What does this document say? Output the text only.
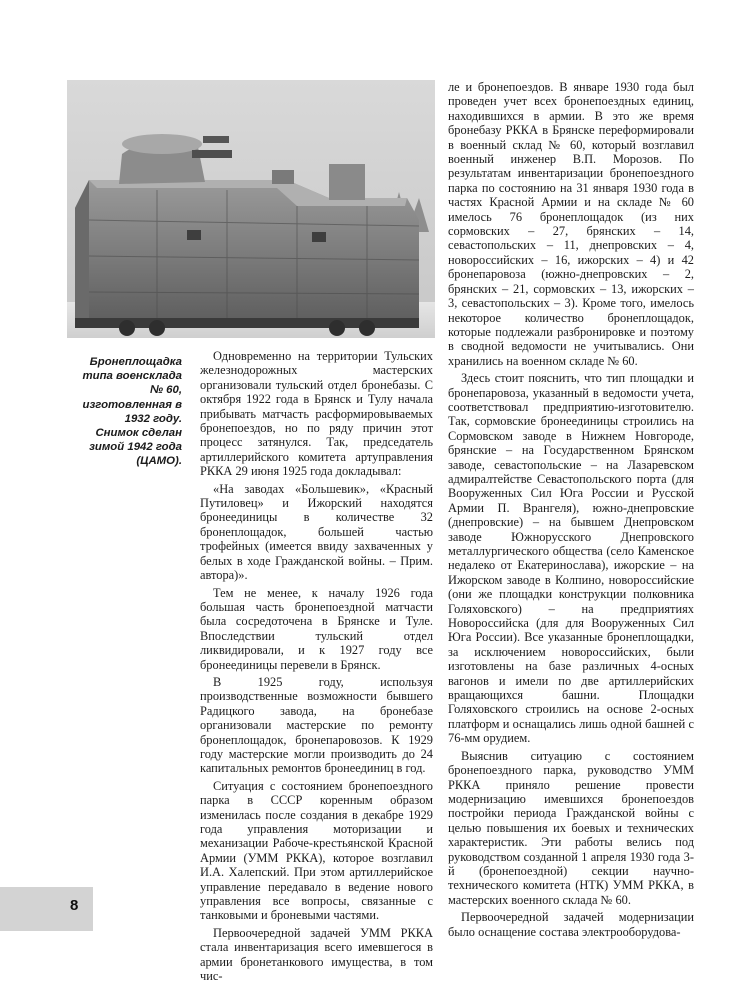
Бронеплощадка типа военсклада № 60, изготовленная в 1932 году. Снимок сделан зимой 1942 года (ЦАМО).

Одновременно на территории Тульских железнодорожных мастерских организовали тульский отдел бронебазы. С октября 1922 года в Брянск и Тулу начала прибывать матчасть расформировываемых бронепоездов, но по ряду причин этот процесс затянулся. Так, председатель артиллерийского комитета артуправления РККА 29 июня 1925 года докладывал:

«На заводах «Большевик», «Красный Путиловец» и Ижорский находятся бронеединицы в количестве 32 бронеплощадок, большей частью трофейных (имеется ввиду захваченных у белых в ходе Гражданской войны. – Прим. автора)».

Тем не менее, к началу 1926 года большая часть бронепоездной матчасти была сосредоточена в Брянске и Туле. Впоследствии тульский отдел ликвидировали, и к 1927 году все бронеединицы перевели в Брянск.

В 1925 году, используя производственные возможности бывшего Радицкого завода, на бронебазе организовали мастерские по ремонту бронеплощадок, бронепаровозов. К 1929 году мастерские могли производить до 24 капитальных ремонтов бронеединиц в год.

Ситуация с состоянием бронепоездного парка в СССР коренным образом изменилась после создания в декабре 1929 года управления моторизации и механизации Рабоче-крестьянской Красной Армии (УММ РККА), которое возглавил И.А. Халепский. При этом артиллерийское управление передавало в ведение нового управления все вопросы, связанные с танковыми и броневыми частями.

Первоочередной задачей УММ РККА стала инвентаризация всего имевшегося в армии бронетанкового имущества, в том чис-

ле и бронепоездов. В январе 1930 года был проведен учет всех бронепоездных единиц, находившихся в армии. В это же время бронебазу РККА в Брянске переформировали в военный склад № 60, который возглавил военный инженер В.П. Морозов. По результатам инвентаризации бронепоездного парка по состоянию на 31 января 1930 года в частях Красной Армии и на складе № 60 имелось 76 бронеплощадок (из них сормовских – 27, брянских – 14, севастопольских – 11, днепровских – 4, новороссийских – 16, ижорских – 4) и 42 бронепаровоза (южно-днепровских – 2, брянских – 21, сормовских – 13, ижорских – 3, севастопольских – 3). Кроме того, имелось некоторое количество бронеплощадок, которые подлежали разбронировке и поэтому в сводной ведомости не учитывались. Они хранились на военном складе № 60.

Здесь стоит пояснить, что тип площадки и бронепаровоза, указанный в ведомости учета, соответствовал предприятию-изготовителю. Так, сормовские бронеединицы строились на Сормовском заводе в Нижнем Новгороде, брянские – на Государственном Брянском заводе, севастопольские – на Лазаревском адмиралтействе Севастопольского порта (для Вооруженных Сил Юга России и Русской Армии П. Врангеля), южно-днепровские (днепровские) – на бывшем Днепровском заводе Южнорусского Днепровского металлургического общества (село Каменское недалеко от Екатеринослава), ижорские – на Ижорском заводе в Колпино, новороссийские (они же площадки конструкции полковника Голяховского) – на предприятиях Новороссийска (для для Вооруженных Сил Юга России). Все указанные бронеплощадки, за исключением новороссийских, были изготовлены на базе различных 4-осных вагонов и имели по две артиллерийских вращающихся башни. Площадки Голяховского строились на основе 2-осных платформ и оснащались лишь одной башней с 76-мм орудием.

Выяснив ситуацию с состоянием бронепоездного парка, руководство УММ РККА приняло решение провести модернизацию имевшихся бронепоездов постройки периода Гражданской войны с целью повышения их боевых и технических характеристик. Эти работы велись под руководством созданной 1 апреля 1930 года 3-й (бронепоездной) секции научно-технического комитета (НТК) УММ РККА, в мастерских военного склада № 60.

Первоочередной задачей модернизации было оснащение состава электрооборудова-

8
